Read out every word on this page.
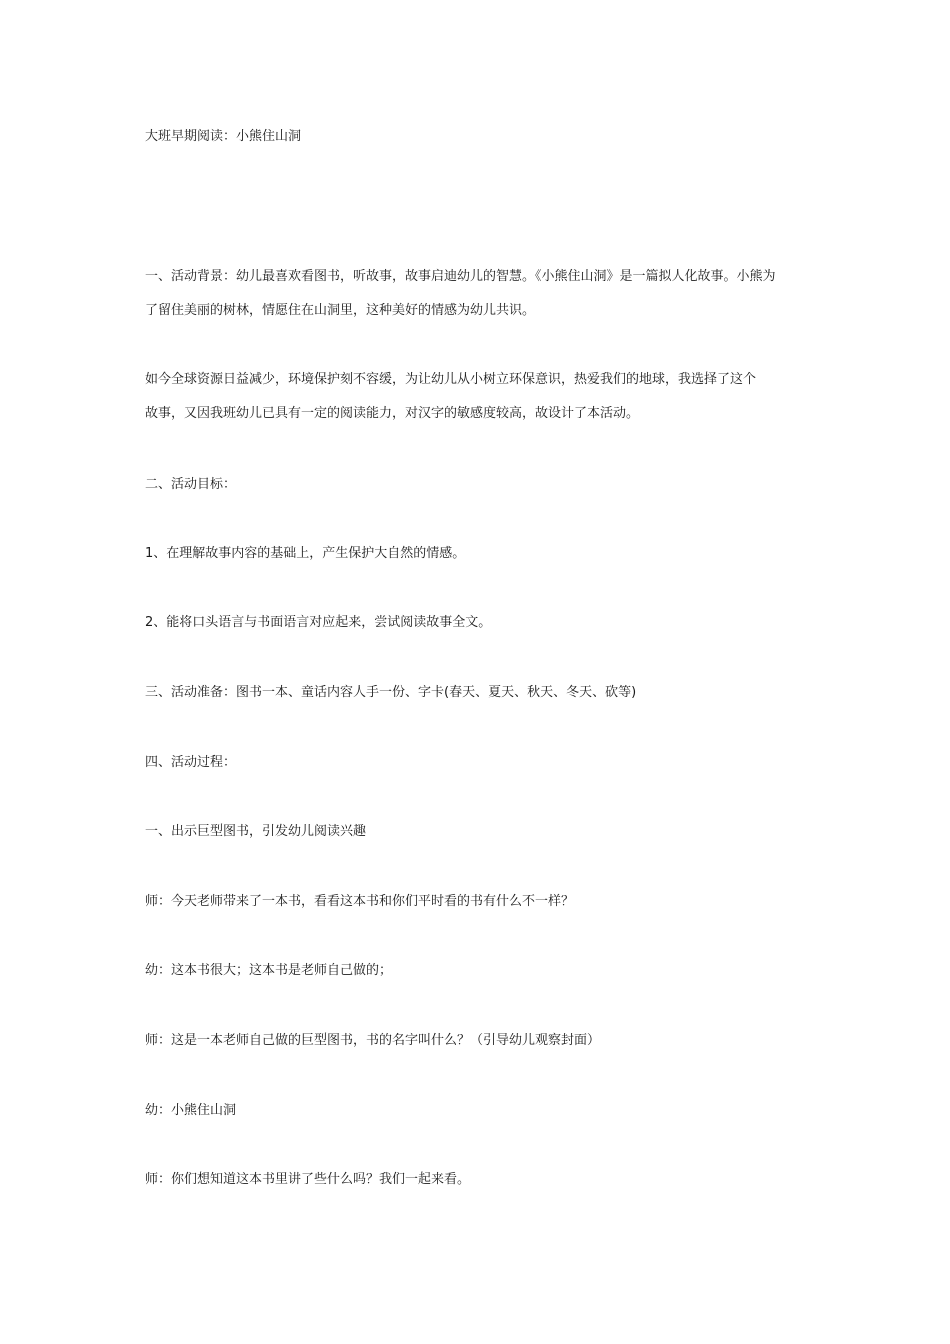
大班早期阅读：小熊住山洞

一、活动背景：幼儿最喜欢看图书，听故事，故事启迪幼儿的智慧。《小熊住山洞》是一篇拟人化故事。小熊为

了留住美丽的树林，情愿住在山洞里，这种美好的情感为幼儿共识。

如今全球资源日益减少，环境保护刻不容缓，为让幼儿从小树立环保意识，热爱我们的地球，我选择了这个

故事，又因我班幼儿已具有一定的阅读能力，对汉字的敏感度较高，故设计了本活动。

二、活动目标：

1、在理解故事内容的基础上，产生保护大自然的情感。

2、能将口头语言与书面语言对应起来，尝试阅读故事全文。

三、活动准备：图书一本、童话内容人手一份、字卡(春天、夏天、秋天、冬天、砍等)

四、活动过程：

一、出示巨型图书，引发幼儿阅读兴趣

师：今天老师带来了一本书，看看这本书和你们平时看的书有什么不一样？

幼：这本书很大；这本书是老师自己做的；

师：这是一本老师自己做的巨型图书，书的名字叫什么？（引导幼儿观察封面）

幼：小熊住山洞

师：你们想知道这本书里讲了些什么吗？我们一起来看。
